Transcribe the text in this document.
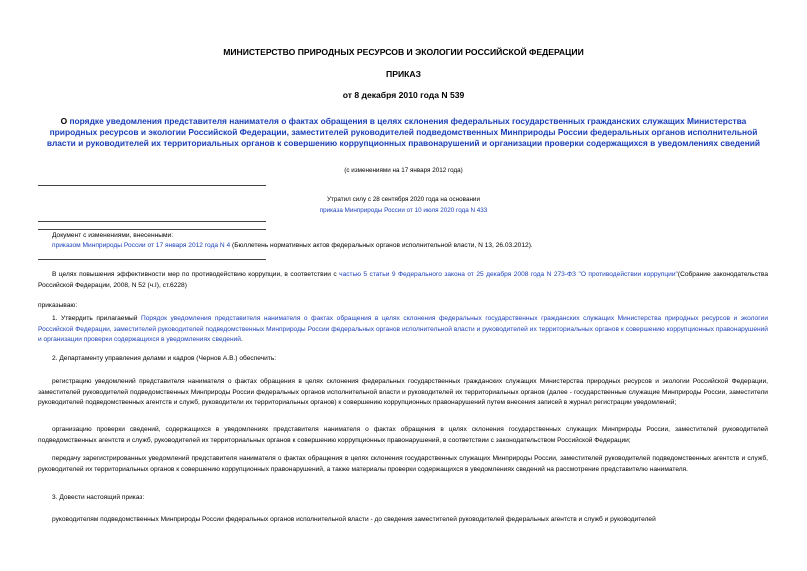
МИНИСТЕРСТВО ПРИРОДНЫХ РЕСУРСОВ И ЭКОЛОГИИ РОССИЙСКОЙ ФЕДЕРАЦИИ
ПРИКАЗ
от 8 декабря 2010 года N 539
О порядке уведомления представителя нанимателя о фактах обращения в целях склонения федеральных государственных гражданских служащих Министерства природных ресурсов и экологии Российской Федерации, заместителей руководителей подведомственных Минприроды России федеральных органов исполнительной власти и руководителей их территориальных органов к совершению коррупционных правонарушений и организации проверки содержащихся в уведомлениях сведений
(с изменениями на 17 января 2012 года)
Утратил силу с 28 сентября 2020 года на основании
приказа Минприроды России от 10 июля 2020 года N 433
Документ с изменениями, внесенными:
приказом Минприроды России от 17 января 2012 года N 4 (Бюллетень нормативных актов федеральных органов исполнительной власти, N 13, 26.03.2012).
В целях повышения эффективности мер по противодействию коррупции, в соответствии с частью 5 статьи 9 Федерального закона от 25 декабря 2008 года N 273-ФЗ "О противодействии коррупции"(Собрание законодательства Российской Федерации, 2008, N 52 (ч.I), ст.6228)
приказываю:
1. Утвердить прилагаемый Порядок уведомления представителя нанимателя о фактах обращения в целях склонения федеральных государственных гражданских служащих Министерства природных ресурсов и экологии Российской Федерации, заместителей руководителей подведомственных Минприроды России федеральных органов исполнительной власти и руководителей их территориальных органов к совершению коррупционных правонарушений и организации проверки содержащихся в уведомлениях сведений.
2. Департаменту управления делами и кадров (Чернов А.В.) обеспечить:
регистрацию уведомлений представителя нанимателя о фактах обращения в целях склонения федеральных государственных гражданских служащих Министерства природных ресурсов и экологии Российской Федерации, заместителей руководителей подведомственных Минприроды России федеральных органов исполнительной власти и руководителей их территориальных органов (далее - государственные служащие Минприроды России, заместители руководителей подведомственных агентств и служб, руководители их территориальных органов) к совершению коррупционных правонарушений путем внесения записей в журнал регистрации уведомлений;
организацию проверки сведений, содержащихся в уведомлениях представителя нанимателя о фактах обращения в целях склонения государственных служащих Минприроды России, заместителей руководителей подведомственных агентств и служб, руководителей их территориальных органов к совершению коррупционных правонарушений, в соответствии с законодательством Российской Федерации;
передачу зарегистрированных уведомлений представителя нанимателя о фактах обращения в целях склонения государственных служащих Минприроды России, заместителей руководителей подведомственных агентств и служб, руководителей их территориальных органов к совершению коррупционных правонарушений, а также материалы проверки содержащихся в уведомлениях сведений на рассмотрение представителю нанимателя.
3. Довести настоящий приказ:
руководителям подведомственных Минприроды России федеральных органов исполнительной власти - до сведения заместителей руководителей федеральных агентств и служб и руководителей
